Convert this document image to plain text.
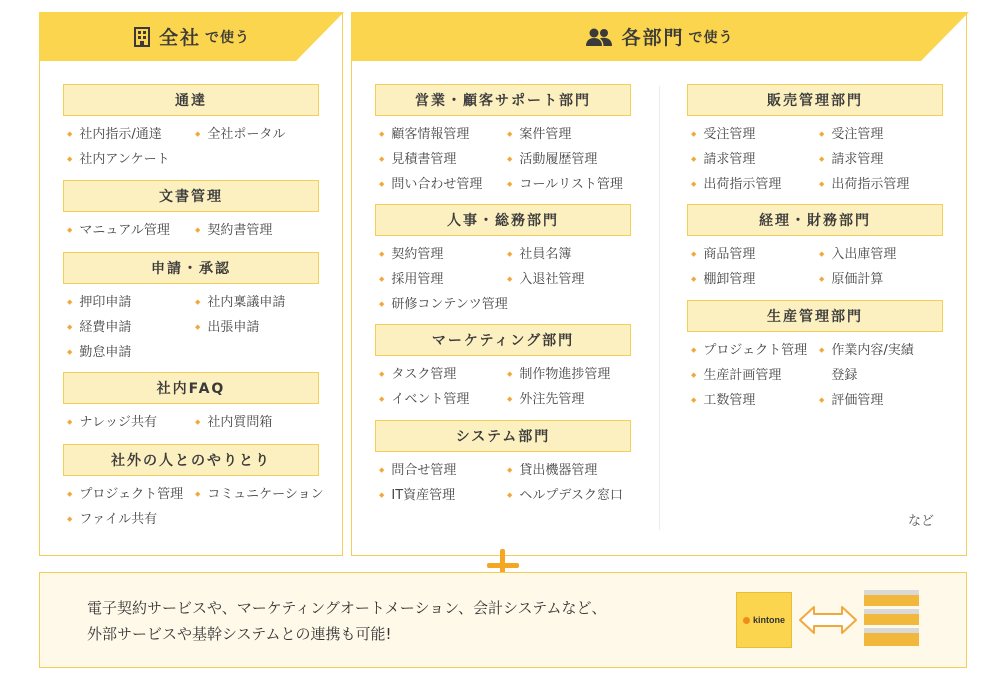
全社 で使う
通達
◆ 社内指示/通達	◆ 全社ポータル
◆ 社内アンケート
文書管理
◆ マニュアル管理	◆ 契約書管理
申請・承認
◆ 押印申請	◆ 社内稟議申請
◆ 経費申請	◆ 出張申請
◆ 勤怠申請
社内FAQ
◆ ナレッジ共有	◆ 社内質問箱
社外の人とのやりとり
◆ プロジェクト管理	◆ コミュニケーション
◆ ファイル共有
各部門 で使う
営業・顧客サポート部門
◆ 顧客情報管理	◆ 案件管理
◆ 見積書管理	◆ 活動履歴管理
◆ 問い合わせ管理	◆ コールリスト管理
人事・総務部門
◆ 契約管理	◆ 社員名簿
◆ 採用管理	◆ 入退社管理
◆ 研修コンテンツ管理
マーケティング部門
◆ タスク管理	◆ 制作物進捗管理
◆ イベント管理	◆ 外注先管理
システム部門
◆ 問合せ管理	◆ 貸出機器管理
◆ IT資産管理	◆ ヘルプデスク窓口
販売管理部門
◆ 受注管理	◆ 受注管理
◆ 請求管理	◆ 請求管理
◆ 出荷指示管理	◆ 出荷指示管理
経理・財務部門
◆ 商品管理	◆ 入出庫管理
◆ 棚卸管理	◆ 原価計算
生産管理部門
◆ プロジェクト管理	◆ 作業内容/実績
◆ 生産計画管理	◆ 登録
◆ 工数管理	◆ 評価管理
など
電子契約サービスや、マーケティングオートメーション、会計システムなど、
外部サービスや基幹システムとの連携も可能!
kintone
